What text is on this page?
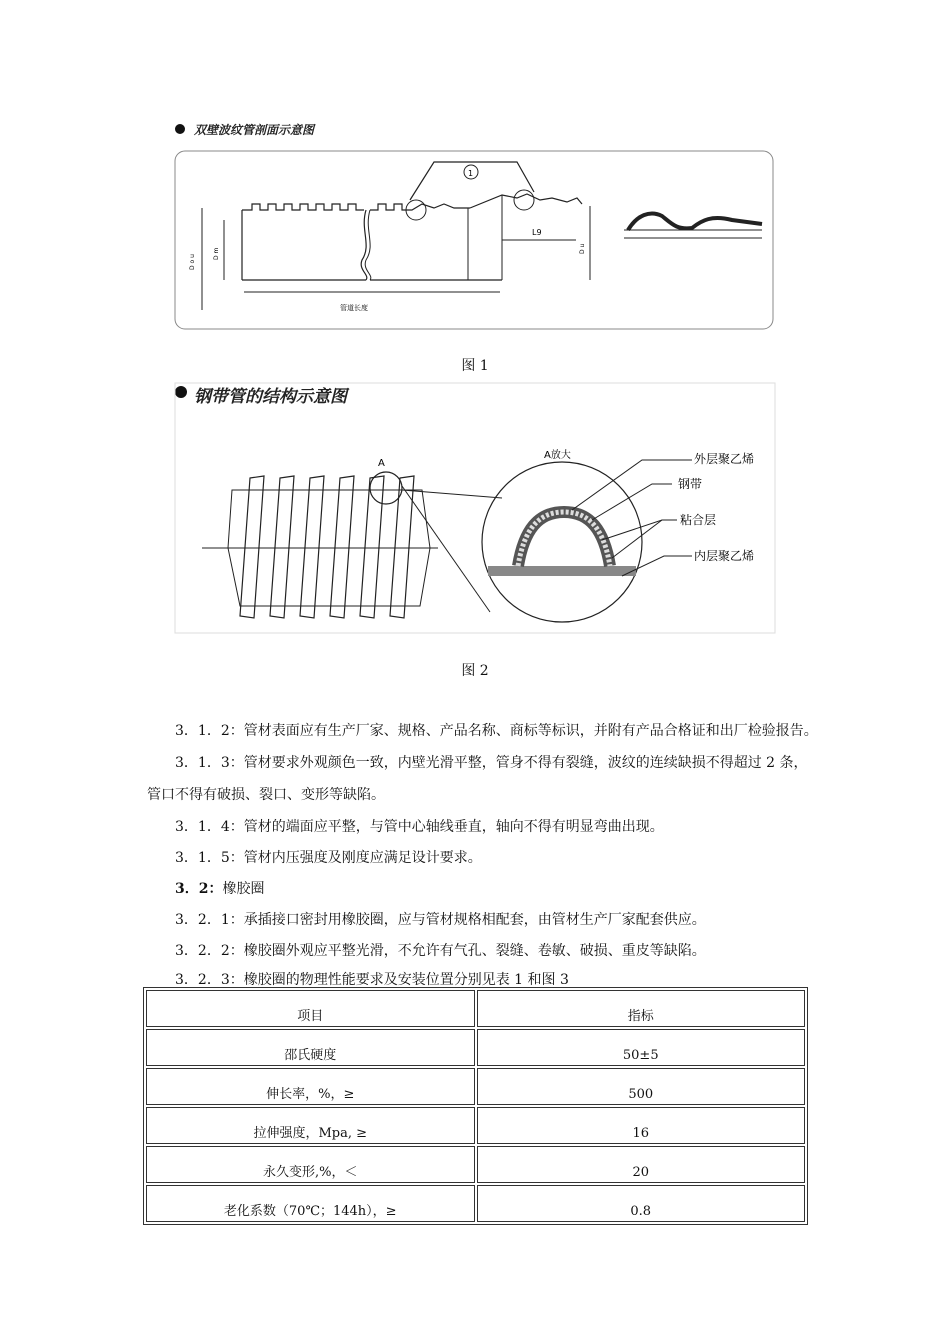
1
L9
管道长度
D o u
D m	D u
双壁波纹管剖面示意图
图 1
A
A放大	外层聚乙烯
钢带
粘合层
内层聚乙烯
钢带管的结构示意图
图 2
3．1．2：管材表面应有生产厂家、规格、产品名称、商标等标识，并附有产品合格证和出厂检验报告。
3．1．3：管材要求外观颜色一致，内壁光滑平整，管身不得有裂缝，波纹的连续缺损不得超过 2 条，
管口不得有破损、裂口、变形等缺陷。
3．1．4：管材的端面应平整，与管中心轴线垂直，轴向不得有明显弯曲出现。
3．1．5：管材内压强度及刚度应满足设计要求。
3．2：橡胶圈
3．2．1：承插接口密封用橡胶圈，应与管材规格相配套，由管材生产厂家配套供应。
3．2．2：橡胶圈外观应平整光滑，不允许有气孔、裂缝、卷敏、破损、重皮等缺陷。
3．2．3：橡胶圈的物理性能要求及安装位置分别见表 1 和图 3
项目	指标
邵氏硬度	50±5
伸长率，%，≥	500
拉伸强度，Mpa, ≥	16
永久变形,%，＜	20
老化系数（70℃；144h），≥	0.8
